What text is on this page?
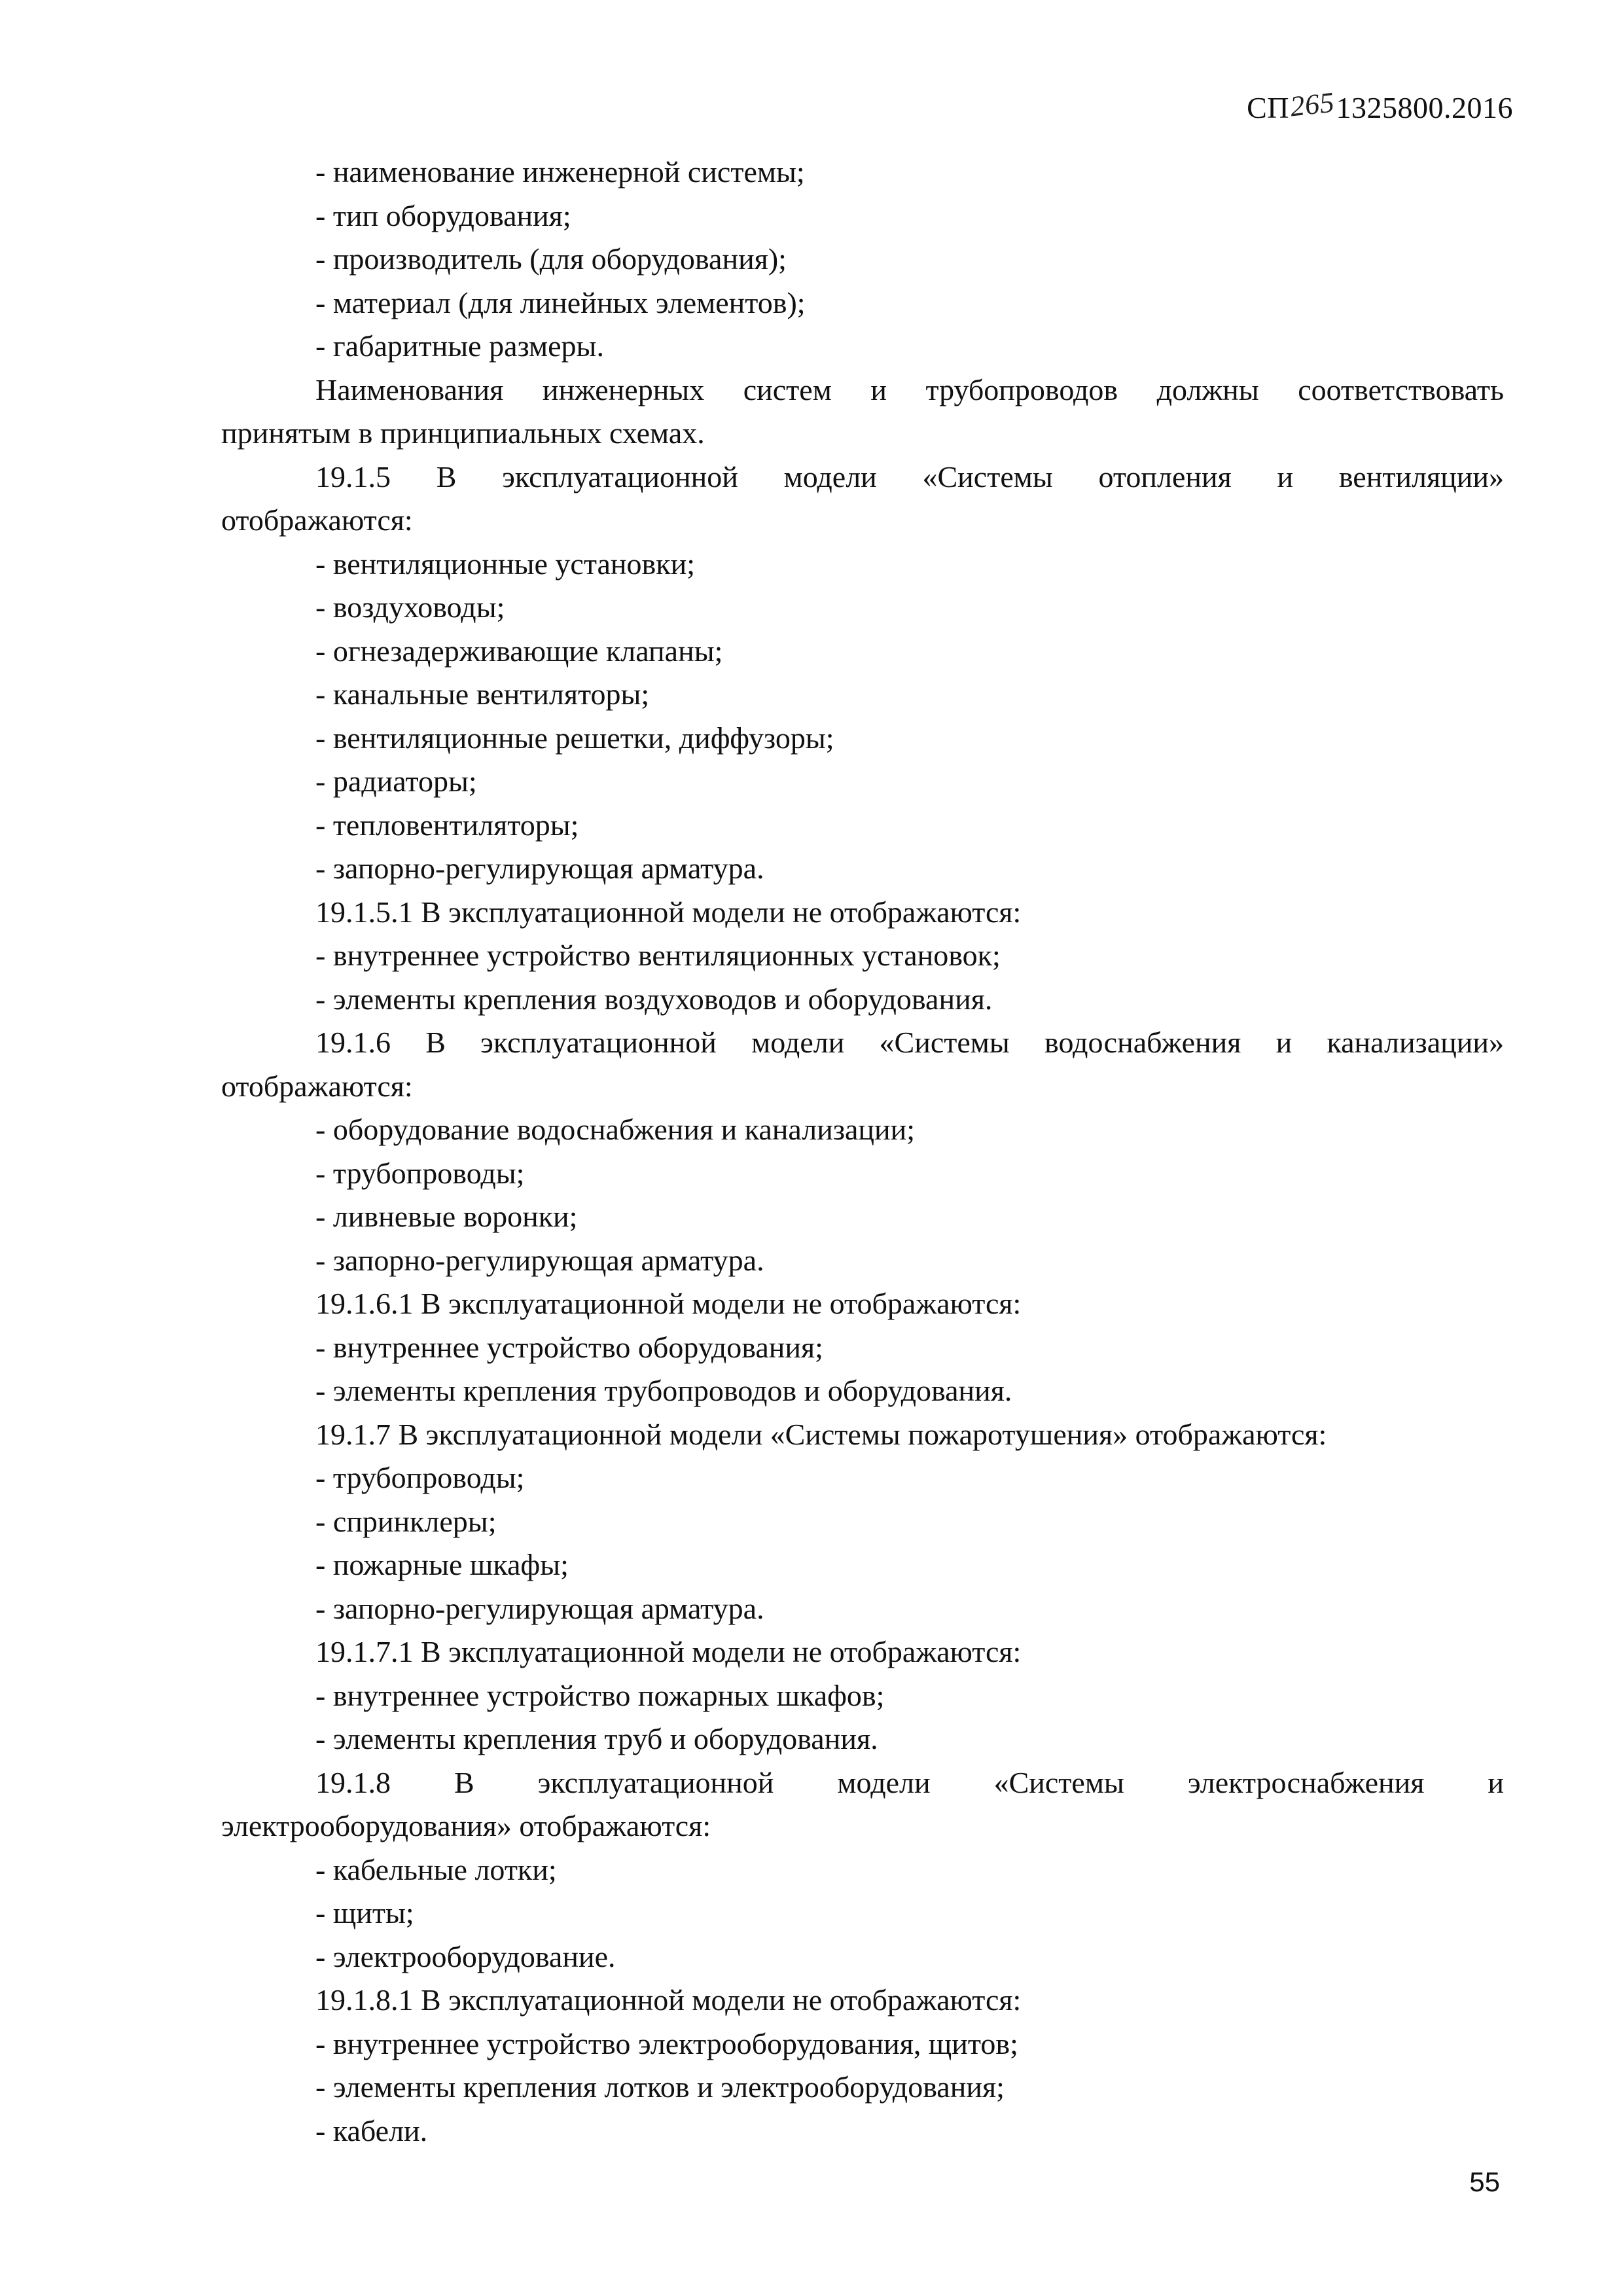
СП
265 1325800.2016
- наименование инженерной системы;
- тип оборудования;
- производитель (для оборудования);
- материал (для линейных элементов);
- габаритные размеры.
Наименования инженерных систем и трубопроводов должны соответствовать
принятым в принципиальных схемах.
19.1.5 В эксплуатационной модели «Системы отопления и вентиляции»
отображаются:
- вентиляционные установки;
- воздуховоды;
- огнезадерживающие клапаны;
- канальные вентиляторы;
- вентиляционные решетки, диффузоры;
- радиаторы;
- тепловентиляторы;
- запорно-регулирующая арматура.
19.1.5.1 В эксплуатационной модели не отображаются:
- внутреннее устройство вентиляционных установок;
- элементы крепления воздуховодов и оборудования.
19.1.6 В эксплуатационной модели «Системы водоснабжения и канализации»
отображаются:
- оборудование водоснабжения и канализации;
- трубопроводы;
- ливневые воронки;
- запорно-регулирующая арматура.
19.1.6.1 В эксплуатационной модели не отображаются:
- внутреннее устройство оборудования;
- элементы крепления трубопроводов и оборудования.
19.1.7 В эксплуатационной модели «Системы пожаротушения» отображаются:
- трубопроводы;
- спринклеры;
- пожарные шкафы;
- запорно-регулирующая арматура.
19.1.7.1 В эксплуатационной модели не отображаются:
- внутреннее устройство пожарных шкафов;
- элементы крепления труб и оборудования.
19.1.8 В эксплуатационной модели «Системы электроснабжения и
электрооборудования» отображаются:
- кабельные лотки;
- щиты;
- электрооборудование.
19.1.8.1 В эксплуатационной модели не отображаются:
- внутреннее устройство электрооборудования, щитов;
- элементы крепления лотков и электрооборудования;
- кабели.
55
